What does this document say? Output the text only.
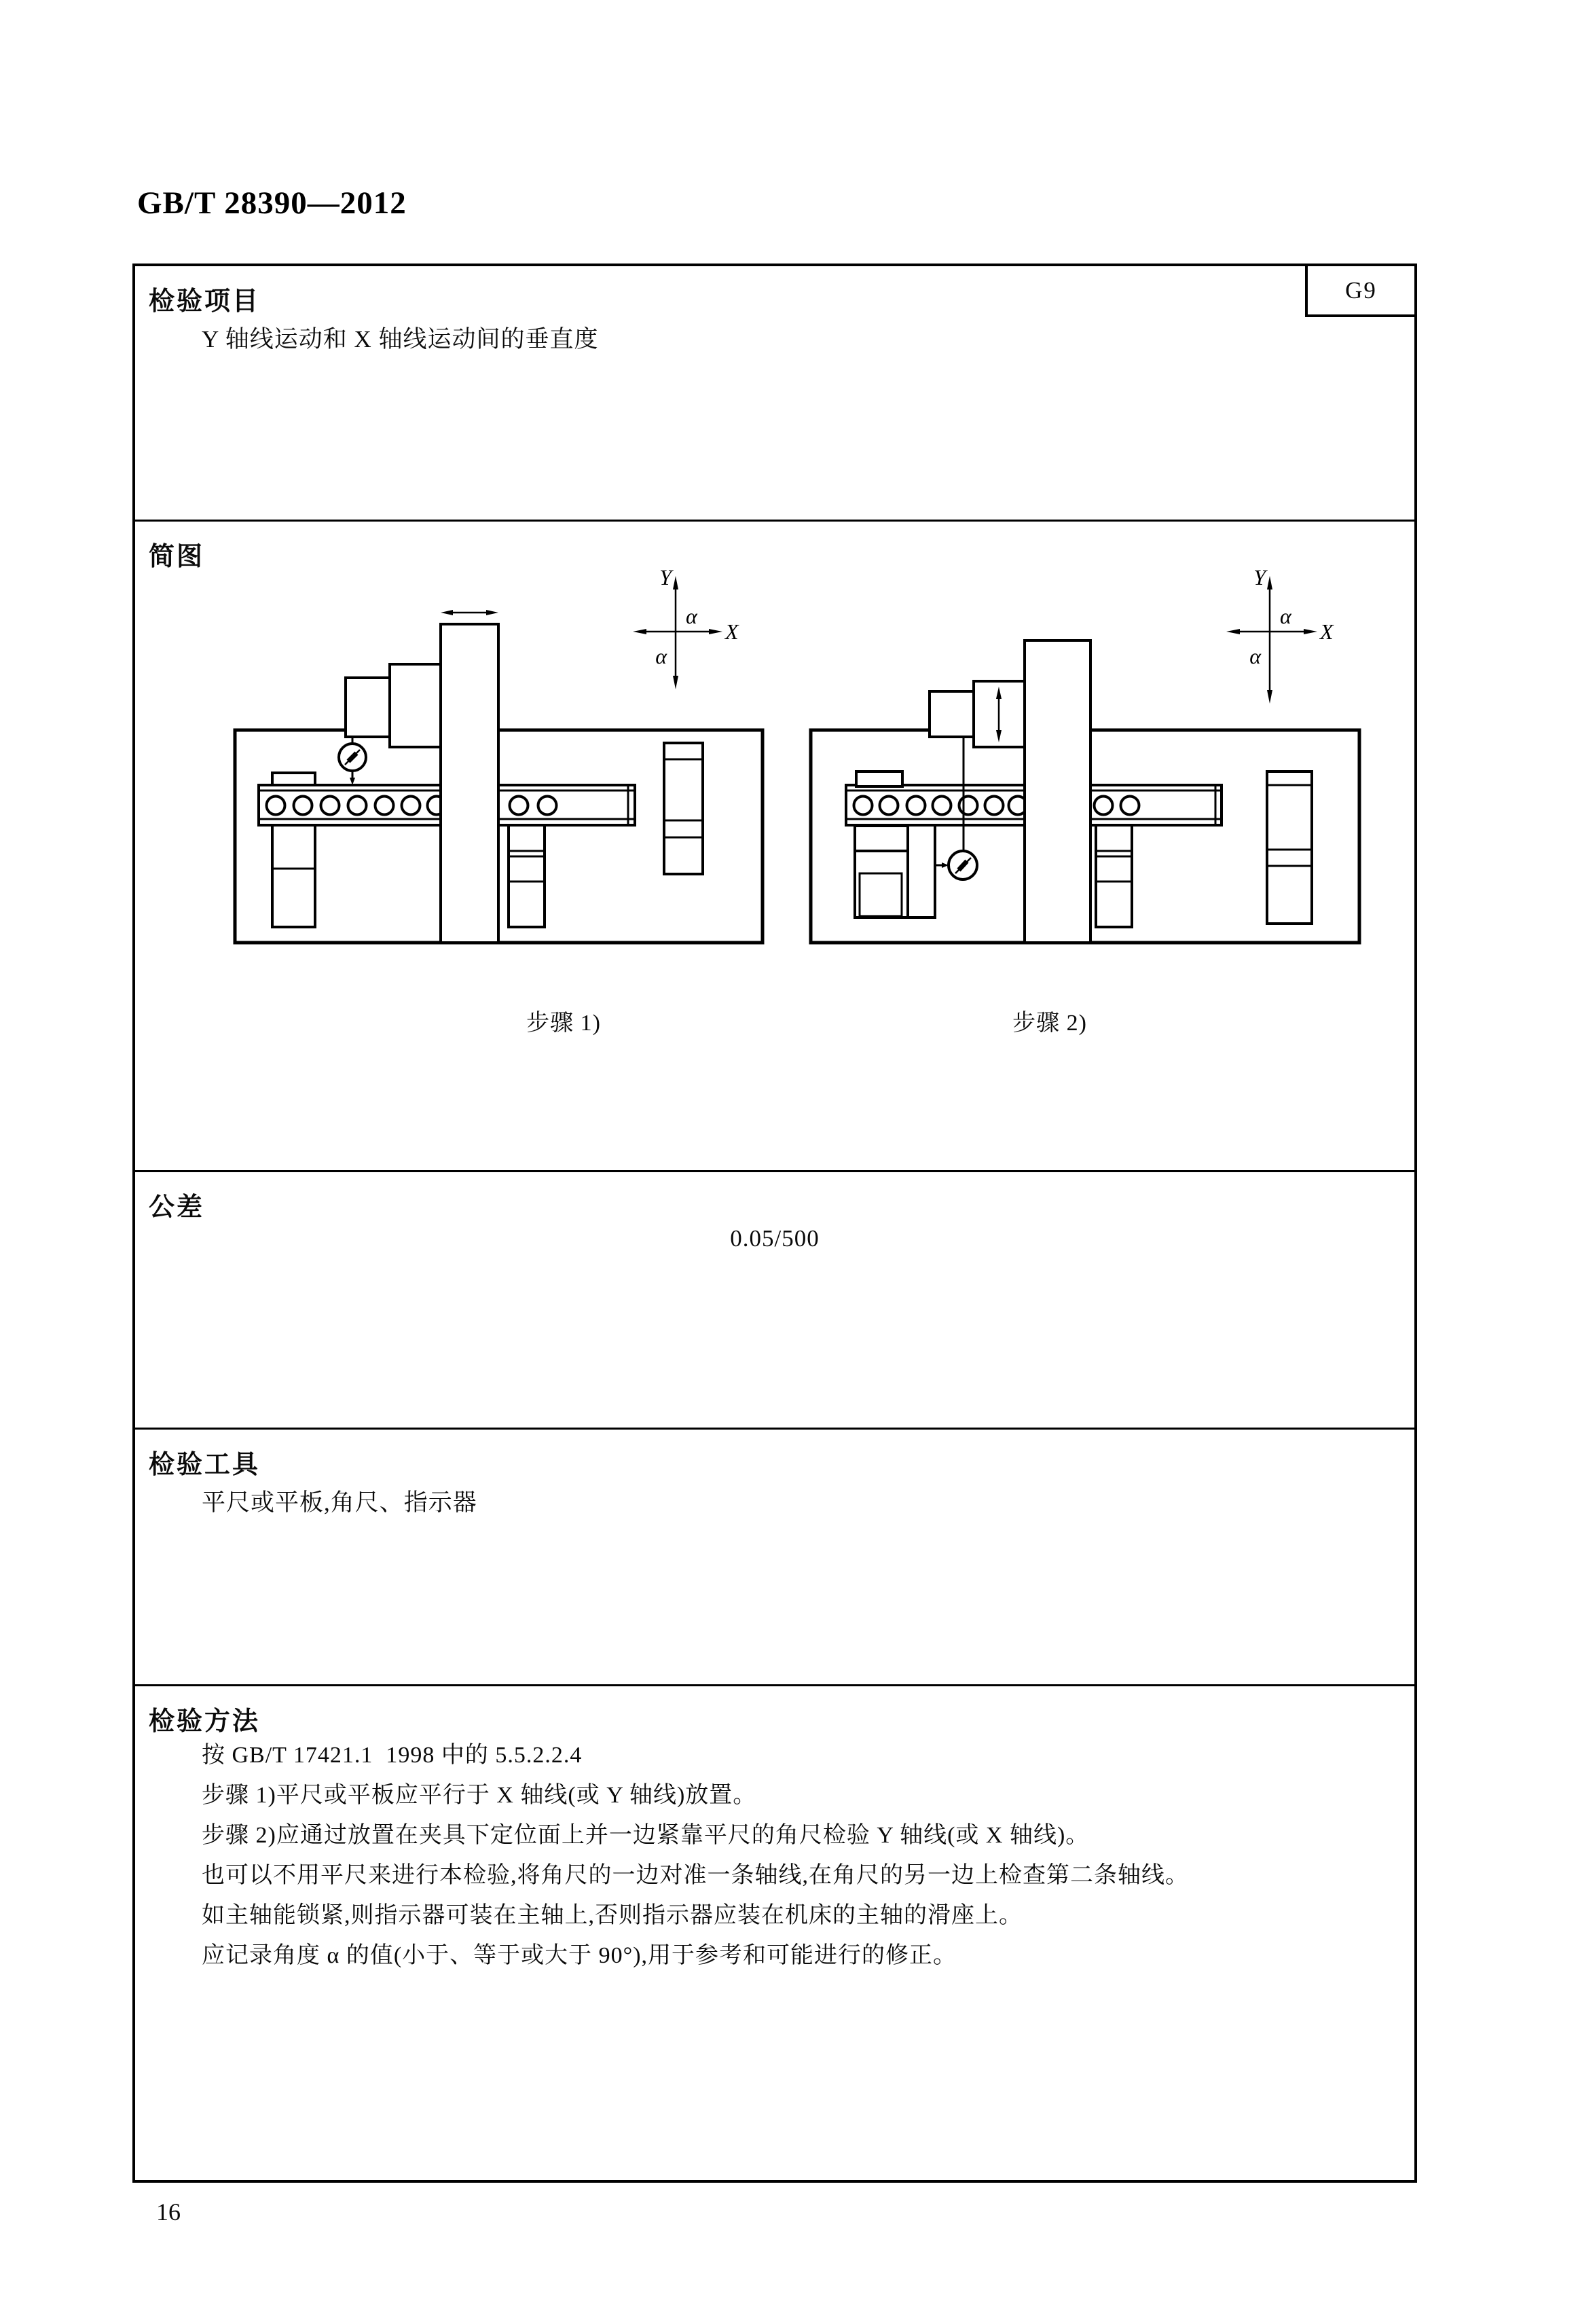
GB/T 28390—2012
G9
检验项目
Y 轴线运动和 X 轴线运动间的垂直度
简图
Y
α
X
α
Y
α
X
α
步骤 1)	步骤 2)
公差
0.05/500
检验工具
平尺或平板,角尺、指示器
检验方法
按 GB/T 17421.1  1998 中的 5.5.2.2.4
步骤 1)平尺或平板应平行于 X 轴线(或 Y 轴线)放置。
步骤 2)应通过放置在夹具下定位面上并一边紧靠平尺的角尺检验 Y 轴线(或 X 轴线)。
也可以不用平尺来进行本检验,将角尺的一边对准一条轴线,在角尺的另一边上检查第二条轴线。
如主轴能锁紧,则指示器可装在主轴上,否则指示器应装在机床的主轴的滑座上。
应记录角度 α 的值(小于、等于或大于 90°),用于参考和可能进行的修正。
16
